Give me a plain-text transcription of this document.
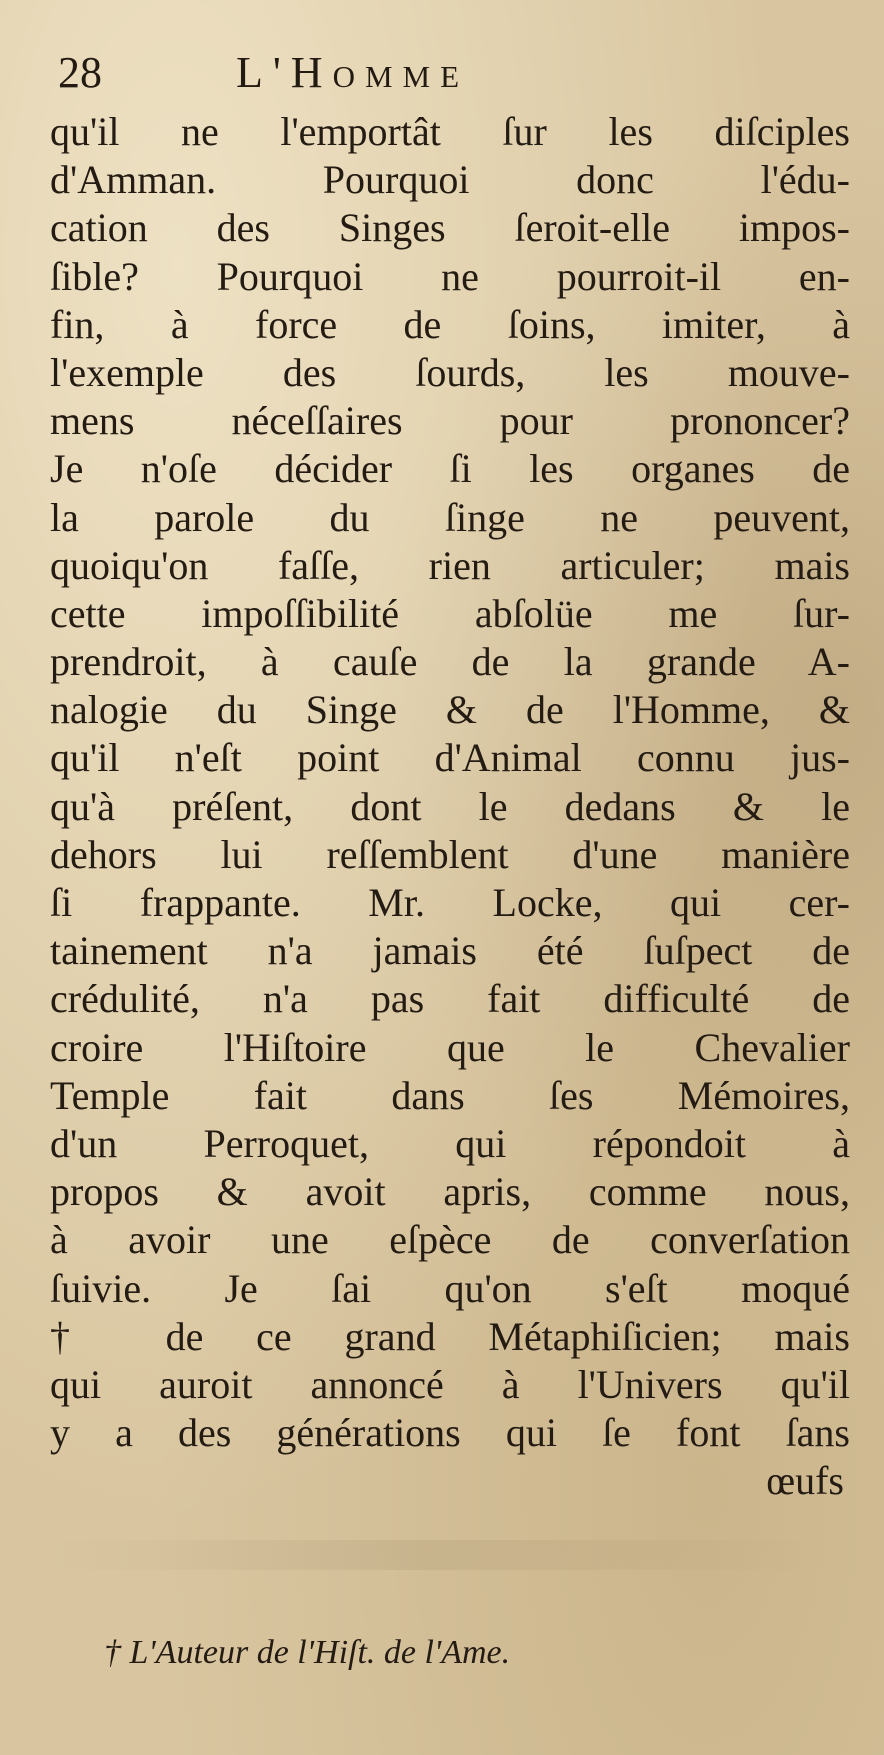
28	L'Homme
qu'il ne l'emportât ſur les diſciples
d'Amman. Pourquoi donc l'édu-
cation des Singes ſeroit-elle impos-
ſible? Pourquoi ne pourroit-il en-
fin, à force de ſoins, imiter, à
l'exemple des ſourds, les mouve-
mens néceſſaires pour prononcer?
Je n'oſe décider ſi les organes de
la parole du ſinge ne peuvent,
quoiqu'on faſſe, rien articuler; mais
cette impoſſibilité abſolüe me ſur-
prendroit, à cauſe de la grande A-
nalogie du Singe & de l'Homme, &
qu'il n'eſt point d'Animal connu jus-
qu'à préſent, dont le dedans & le
dehors lui reſſemblent d'une manière
ſi frappante. Mr. Locke, qui cer-
tainement n'a jamais été ſuſpect de
crédulité, n'a pas fait difficulté de
croire l'Hiſtoire que le Chevalier
Temple fait dans ſes Mémoires,
d'un Perroquet, qui répondoit à
propos & avoit apris, comme nous,
à avoir une eſpèce de converſation
ſuivie. Je ſai qu'on s'eſt moqué
† de ce grand Métaphiſicien; mais
qui auroit annoncé à l'Univers qu'il
y a des générations qui ſe font ſans
œufs
† L'Auteur de l'Hiſt. de l'Ame.
